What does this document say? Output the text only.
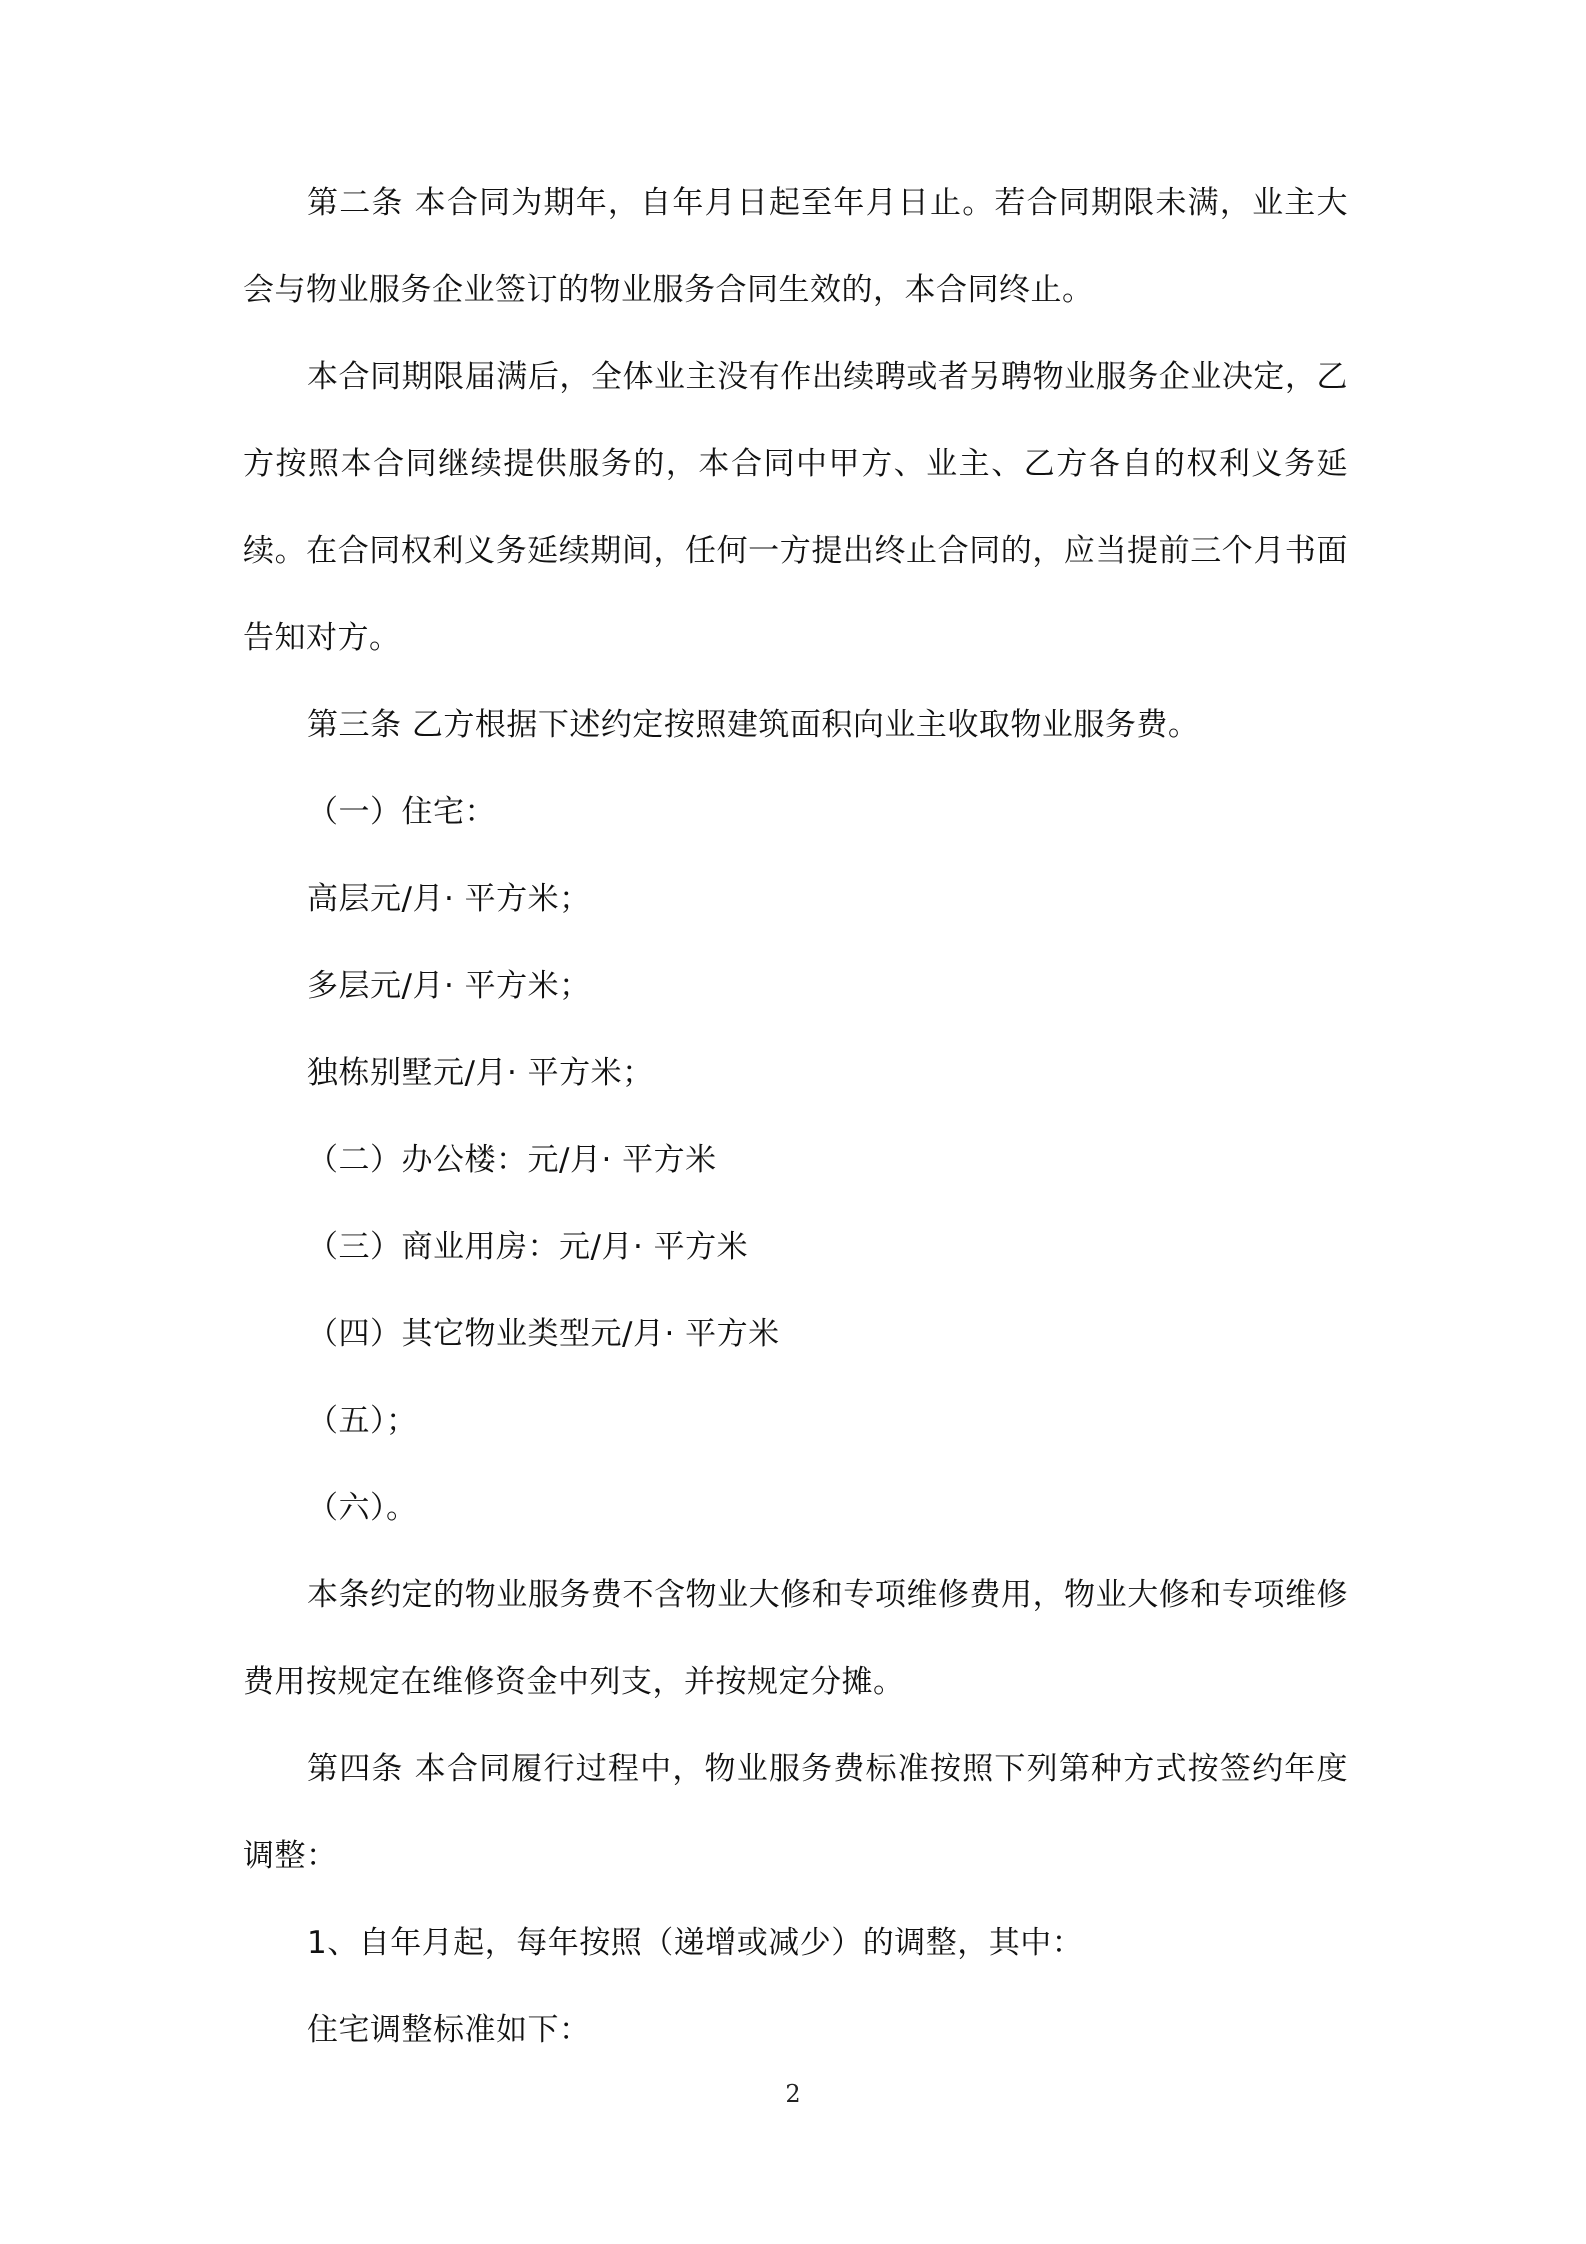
第二条 本合同为期年，自年月日起至年月日止。若合同期限未满，业主大会与物业服务企业签订的物业服务合同生效的，本合同终止。

本合同期限届满后，全体业主没有作出续聘或者另聘物业服务企业决定，乙方按照本合同继续提供服务的，本合同中甲方、业主、乙方各自的权利义务延续。在合同权利义务延续期间，任何一方提出终止合同的，应当提前三个月书面告知对方。

第三条 乙方根据下述约定按照建筑面积向业主收取物业服务费。

（一）住宅：

高层元/月· 平方米；

多层元/月· 平方米；

独栋别墅元/月· 平方米；

（二）办公楼：元/月· 平方米

（三）商业用房：元/月· 平方米

（四）其它物业类型元/月· 平方米

（五）；

（六）。

本条约定的物业服务费不含物业大修和专项维修费用，物业大修和专项维修费用按规定在维修资金中列支，并按规定分摊。

第四条 本合同履行过程中，物业服务费标准按照下列第种方式按签约年度调整：

1、自年月起，每年按照（递增或减少）的调整，其中：

住宅调整标准如下：

2
